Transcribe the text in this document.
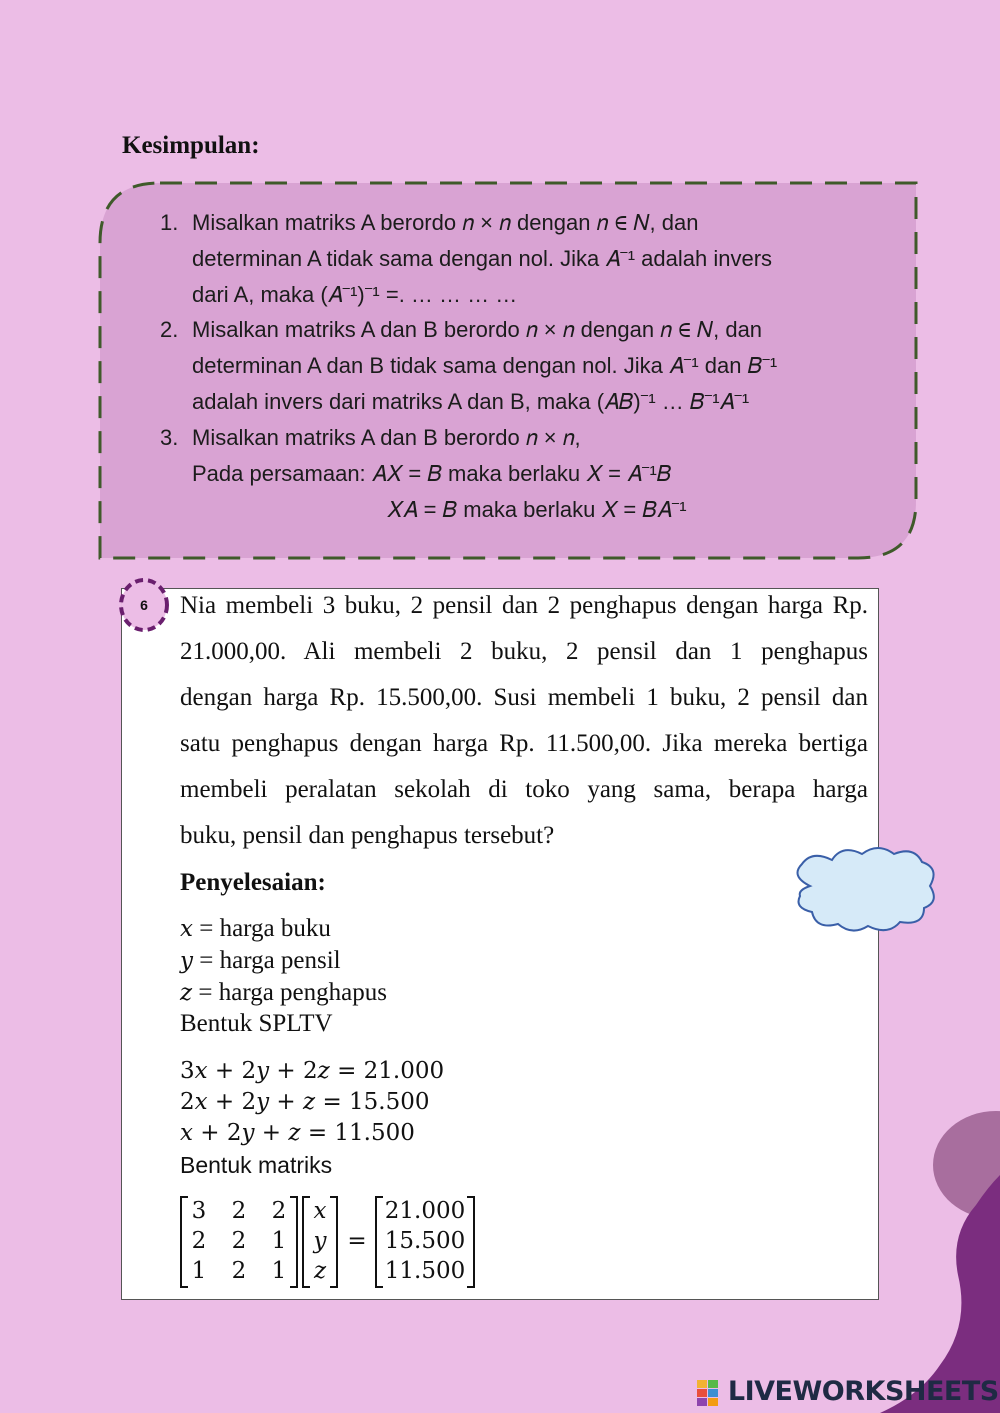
Kesimpulan:
1. Misalkan matriks A berordo 𝑛 × 𝑛 dengan 𝑛 ∈ 𝑁, dan
determinan A tidak sama dengan nol. Jika 𝐴⁻¹ adalah invers
dari A, maka (𝐴⁻¹)⁻¹ =. … … … …
2. Misalkan matriks A dan B berordo 𝑛 × 𝑛 dengan 𝑛 ∈ 𝑁, dan
determinan A dan B tidak sama dengan nol. Jika 𝐴⁻¹ dan 𝐵⁻¹
adalah invers dari matriks A dan B, maka (𝐴𝐵)⁻¹ … 𝐵⁻¹𝐴⁻¹
3. Misalkan matriks A dan B berordo 𝑛 × 𝑛,
Pada persamaan: 𝐴𝑋 = 𝐵 maka berlaku 𝑋 = 𝐴⁻¹𝐵
𝑋𝐴 = 𝐵 maka berlaku 𝑋 = 𝐵𝐴⁻¹
6	Nia membeli 3 buku, 2 pensil dan 2 penghapus dengan harga Rp.
21.000,00. Ali membeli 2 buku, 2 pensil dan 1 penghapus
dengan harga Rp. 15.500,00. Susi membeli 1 buku, 2 pensil dan
satu penghapus dengan harga Rp. 11.500,00. Jika mereka bertiga
membeli peralatan sekolah di toko yang sama, berapa harga
buku, pensil dan penghapus tersebut?
Penyelesaian:
𝑥 = harga buku
𝑦 = harga pensil
𝑧 = harga penghapus
Bentuk SPLTV
3𝑥 + 2𝑦 + 2𝑧 = 21.000
2𝑥 + 2𝑦 + 𝑧 = 15.500
𝑥 + 2𝑦 + 𝑧 = 11.500
Bentuk matriks
3 2 2
2 2 1
1 2 1
𝑥
𝑦
𝑧
=
21.000
15.500
11.500
LIVEWORKSHEETS
